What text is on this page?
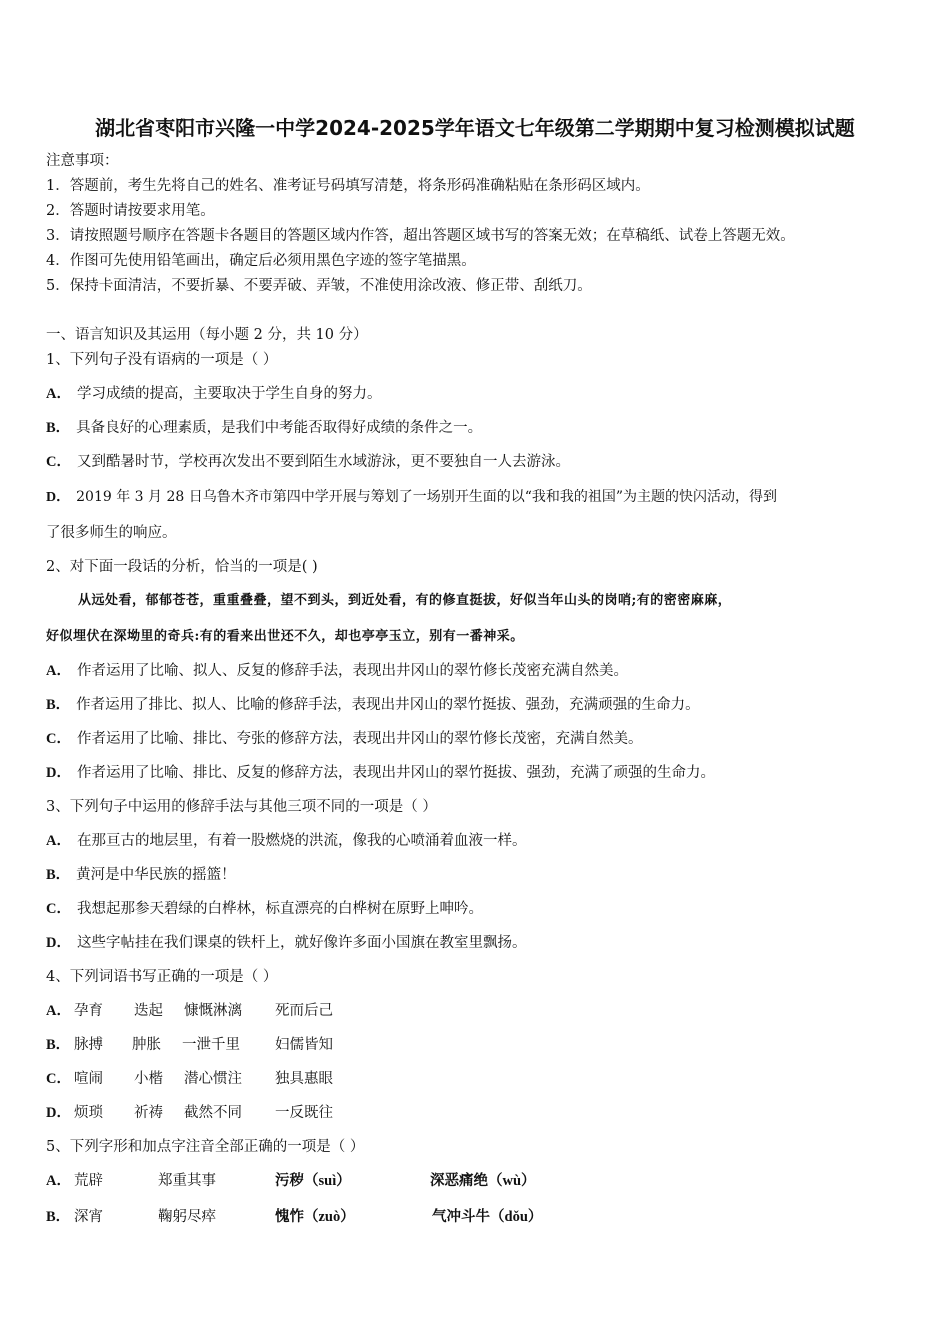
湖北省枣阳市兴隆一中学2024-2025学年语文七年级第二学期期中复习检测模拟试题
注意事项：
1．答题前，考生先将自己的姓名、准考证号码填写清楚，将条形码准确粘贴在条形码区域内。
2．答题时请按要求用笔。
3．请按照题号顺序在答题卡各题目的答题区域内作答，超出答题区域书写的答案无效；在草稿纸、试卷上答题无效。
4．作图可先使用铅笔画出，确定后必须用黑色字迹的签字笔描黑。
5．保持卡面清洁，不要折暴、不要弄破、弄皱，不准使用涂改液、修正带、刮纸刀。
一、语言知识及其运用（每小题 2 分，共 10 分）
1、下列句子没有语病的一项是（ ）
A． 学习成绩的提高，主要取决于学生自身的努力。
B． 具备良好的心理素质，是我们中考能否取得好成绩的条件之一。
C． 又到酷暑时节，学校再次发出不要到陌生水域游泳，更不要独自一人去游泳。
D． 2019 年 3 月 28 日乌鲁木齐市第四中学开展与筹划了一场别开生面的以“我和我的祖国”为主题的快闪活动，得到
了很多师生的响应。
2、对下面一段话的分析，恰当的一项是( )
从远处看，郁郁苍苍，重重叠叠，望不到头，到近处看，有的修直挺拔，好似当年山头的岗哨;有的密密麻麻，
好似埋伏在深坳里的奇兵:有的看来出世还不久，却也亭亭玉立，别有一番神采。
A． 作者运用了比喻、拟人、反复的修辞手法，表现出井冈山的翠竹修长茂密充满自然美。
B． 作者运用了排比、拟人、比喻的修辞手法，表现出井冈山的翠竹挺拔、强劲，充满顽强的生命力。
C． 作者运用了比喻、排比、夸张的修辞方法，表现出井冈山的翠竹修长茂密，充满自然美。
D． 作者运用了比喻、排比、反复的修辞方法，表现出井冈山的翠竹挺拔、强劲，充满了顽强的生命力。
3、下列句子中运用的修辞手法与其他三项不同的一项是（ ）
A． 在那亘古的地层里，有着一股燃烧的洪流，像我的心喷涌着血液一样。
B． 黄河是中华民族的摇篮！
C． 我想起那参天碧绿的白桦林，标直漂亮的白桦树在原野上呻吟。
D． 这些字帖挂在我们课桌的铁杆上，就好像许多面小国旗在教室里飘扬。
4、下列词语书写正确的一项是（ ）
A． 孕育 迭起 慷慨淋漓 死而后己
B． 脉搏 肿胀 一泄千里 妇儒皆知
C． 喧闹 小楷 潜心惯注 独具惠眼
D． 烦琐 祈祷 截然不同 一反既往
5、下列字形和加点字注音全部正确的一项是（ ）
A． 荒辟	郑重其事	污秽（suì）	深恶痛绝（wù）
B． 深宵	鞠躬尽瘁	愧怍（zuò）	气冲斗牛（dǒu）
